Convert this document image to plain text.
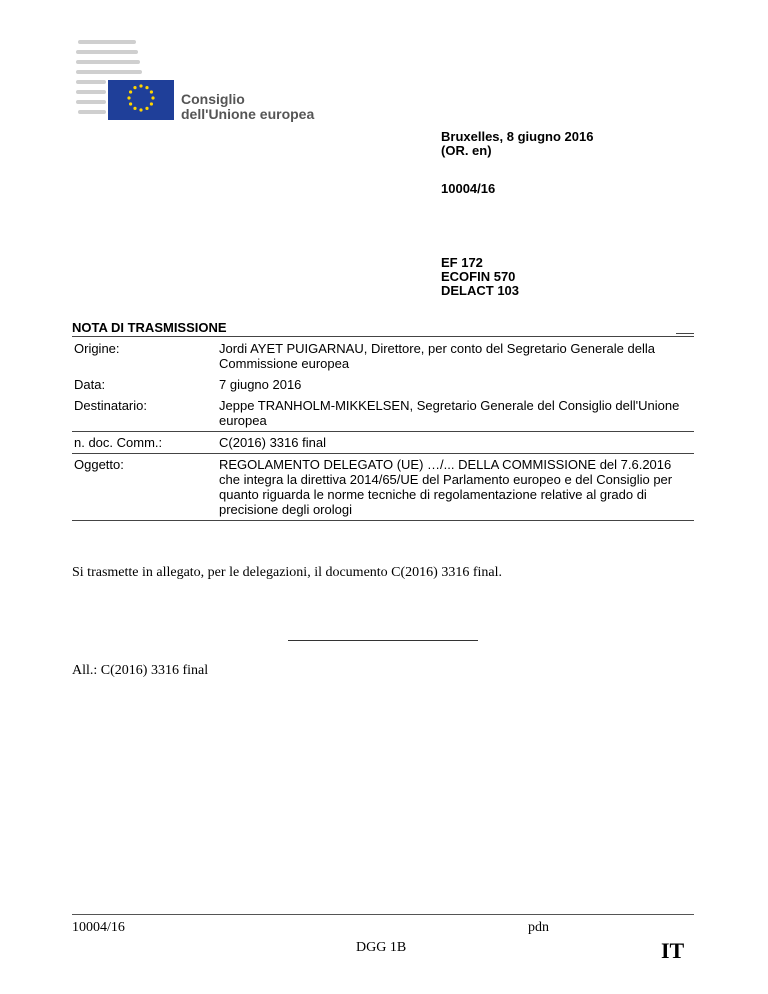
Consiglio
dell'Unione europea
Bruxelles, 8 giugno 2016
(OR. en)
10004/16
EF 172
ECOFIN 570
DELACT 103
NOTA DI TRASMISSIONE
Origine:	Jordi AYET PUIGARNAU, Direttore, per conto del Segretario Generale della Commissione europea
Data:	7 giugno 2016
Destinatario:	Jeppe TRANHOLM-MIKKELSEN, Segretario Generale del Consiglio dell'Unione europea
n. doc. Comm.:	C(2016) 3316 final
Oggetto:	REGOLAMENTO DELEGATO (UE) …/... DELLA COMMISSIONE del 7.6.2016 che integra la direttiva 2014/65/UE del Parlamento europeo e del Consiglio per quanto riguarda le norme tecniche di regolamentazione relative al grado di precisione degli orologi
Si trasmette in allegato, per le delegazioni, il documento C(2016) 3316 final.
All.: C(2016) 3316 final
10004/16	pdn
DGG 1B	IT
